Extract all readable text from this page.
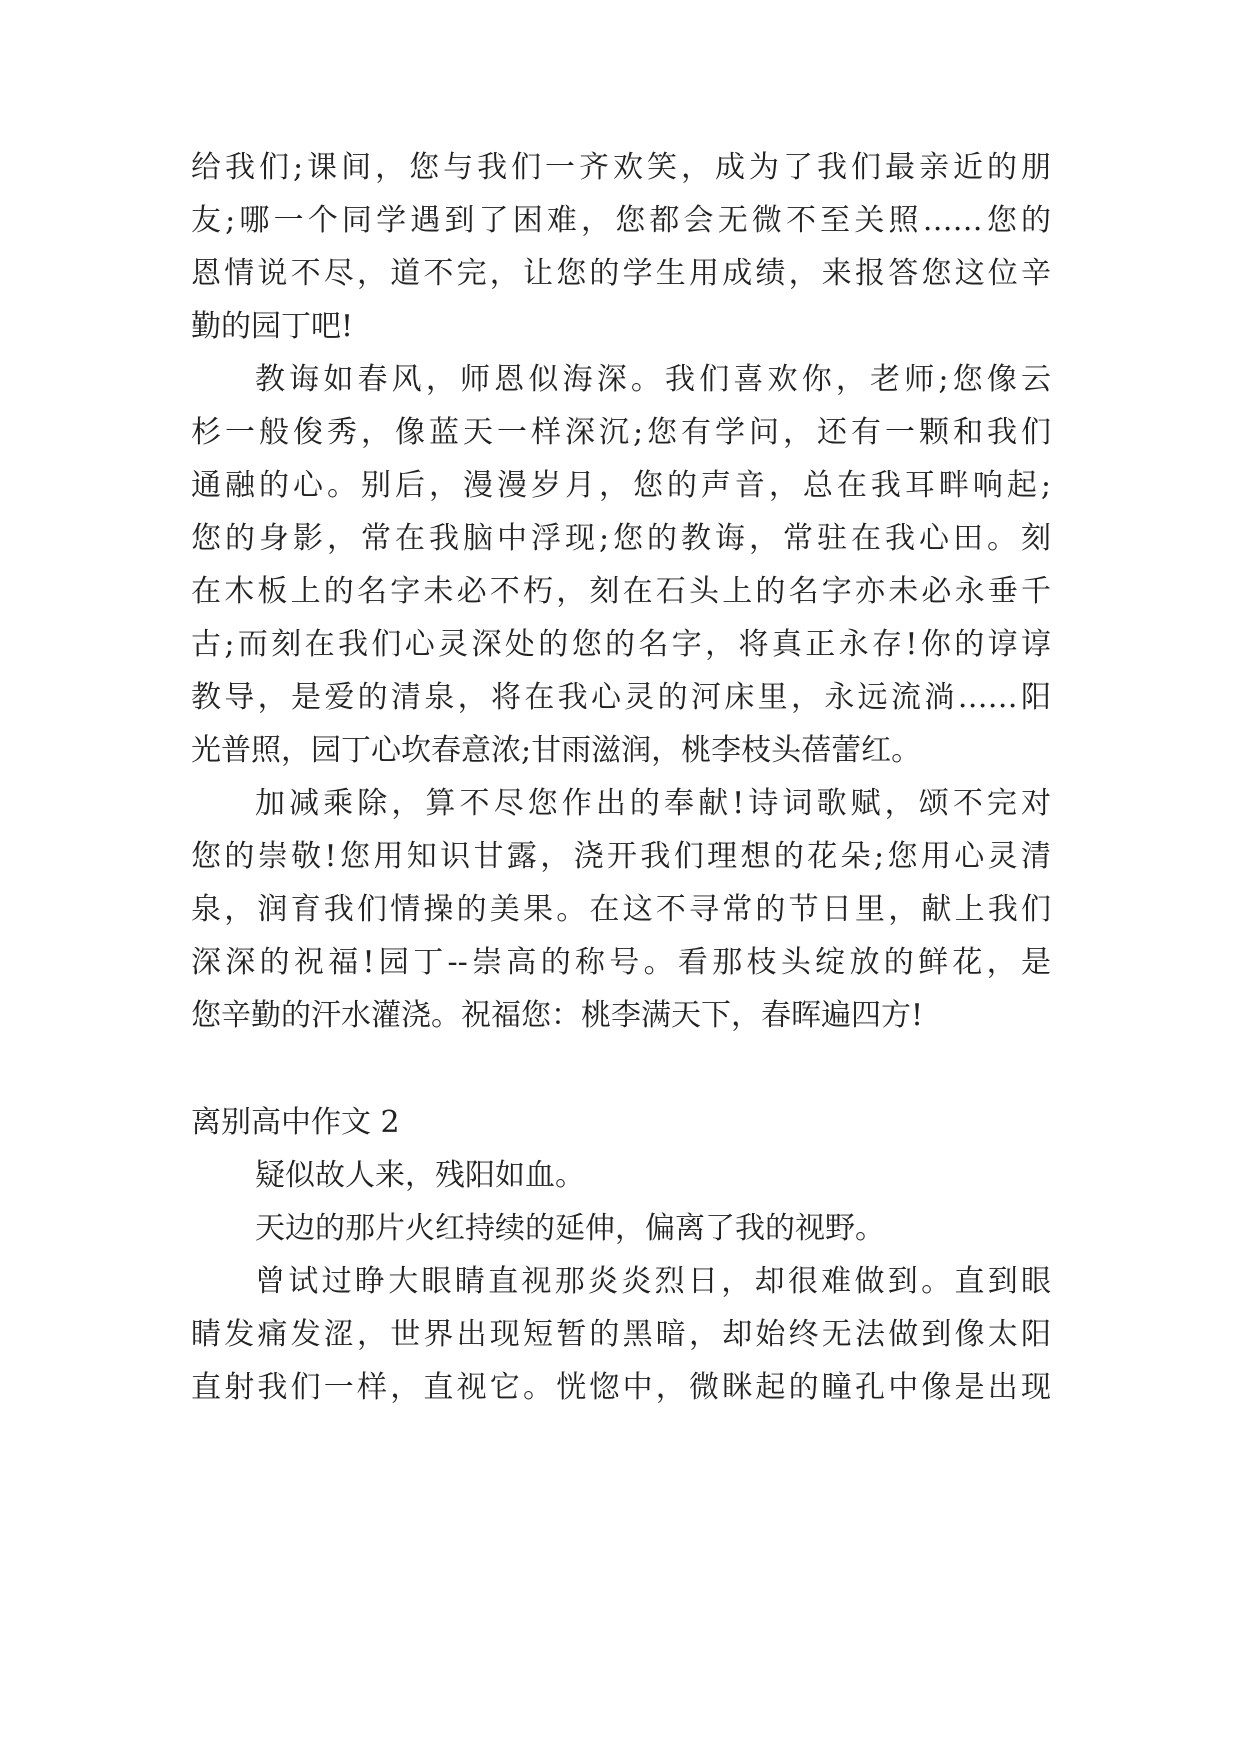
给我们;课间，您与我们一齐欢笑，成为了我们最亲近的朋
友;哪一个同学遇到了困难，您都会无微不至关照……您的
恩情说不尽，道不完，让您的学生用成绩，来报答您这位辛
勤的园丁吧!
教诲如春风，师恩似海深。我们喜欢你，老师;您像云
杉一般俊秀，像蓝天一样深沉;您有学问，还有一颗和我们
通融的心。别后，漫漫岁月，您的声音，总在我耳畔响起;
您的身影，常在我脑中浮现;您的教诲，常驻在我心田。刻
在木板上的名字未必不朽，刻在石头上的名字亦未必永垂千
古;而刻在我们心灵深处的您的名字，将真正永存!你的谆谆
教导，是爱的清泉，将在我心灵的河床里，永远流淌……阳
光普照，园丁心坎春意浓;甘雨滋润，桃李枝头蓓蕾红。
加减乘除，算不尽您作出的奉献!诗词歌赋，颂不完对
您的崇敬!您用知识甘露，浇开我们理想的花朵;您用心灵清
泉，润育我们情操的美果。在这不寻常的节日里，献上我们
深深的祝福!园丁--崇高的称号。看那枝头绽放的鲜花，是
您辛勤的汗水灌浇。祝福您：桃李满天下，春晖遍四方!
离别高中作文 2
疑似故人来，残阳如血。
天边的那片火红持续的延伸，偏离了我的视野。
曾试过睁大眼睛直视那炎炎烈日，却很难做到。直到眼
睛发痛发涩，世界出现短暂的黑暗，却始终无法做到像太阳
直射我们一样，直视它。恍惚中，微眯起的瞳孔中像是出现
